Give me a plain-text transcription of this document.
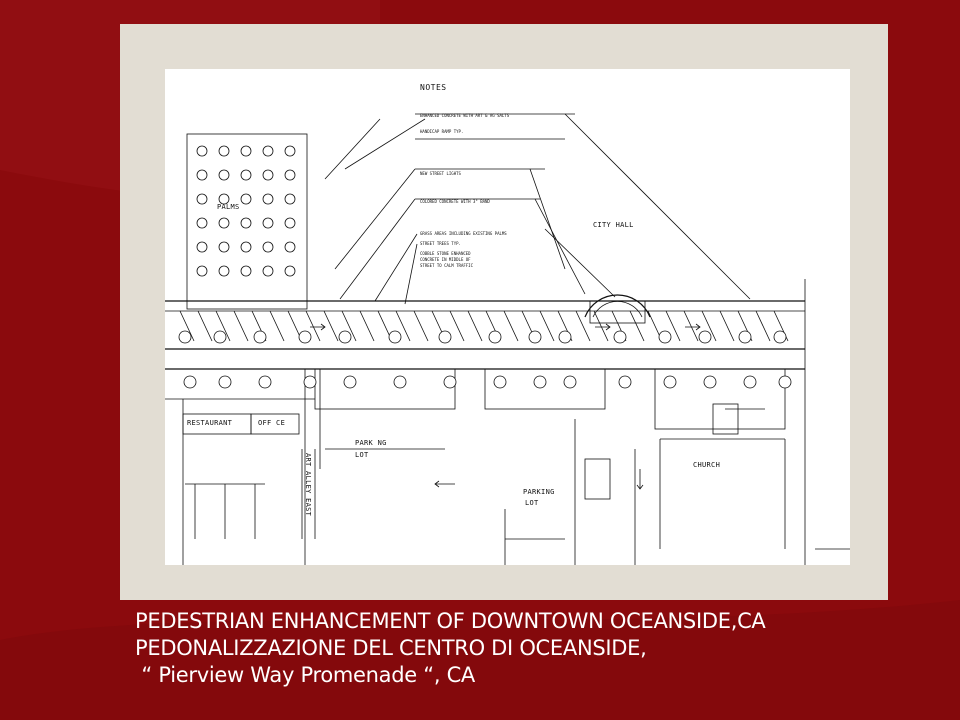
NOTES
ENHANCED CONCRETE WITH ART & AG SALTS
HANDICAP RAMP TYP.
NEW STREET LIGHTS
COLORED CONCRETE WITH 3" BAND
GRASS AREAS INCLUDING EXISTING PALMS
STREET TREES TYP.
COBBLE STONE ENHANCED CONCRETE IN MIDDLE OF STREET TO CALM TRAFFIC
PALMS
CITY HALL
RESTAURANT	OFF CE
PARK NG
LOT
PARKING
LOT
CHURCH
ART ALLEY EAST
PEDESTRIAN ENHANCEMENT OF DOWNTOWN OCEANSIDE,CA
PEDONALIZZAZIONE DEL CENTRO DI OCEANSIDE,
“ Pierview Way Promenade “, CA
